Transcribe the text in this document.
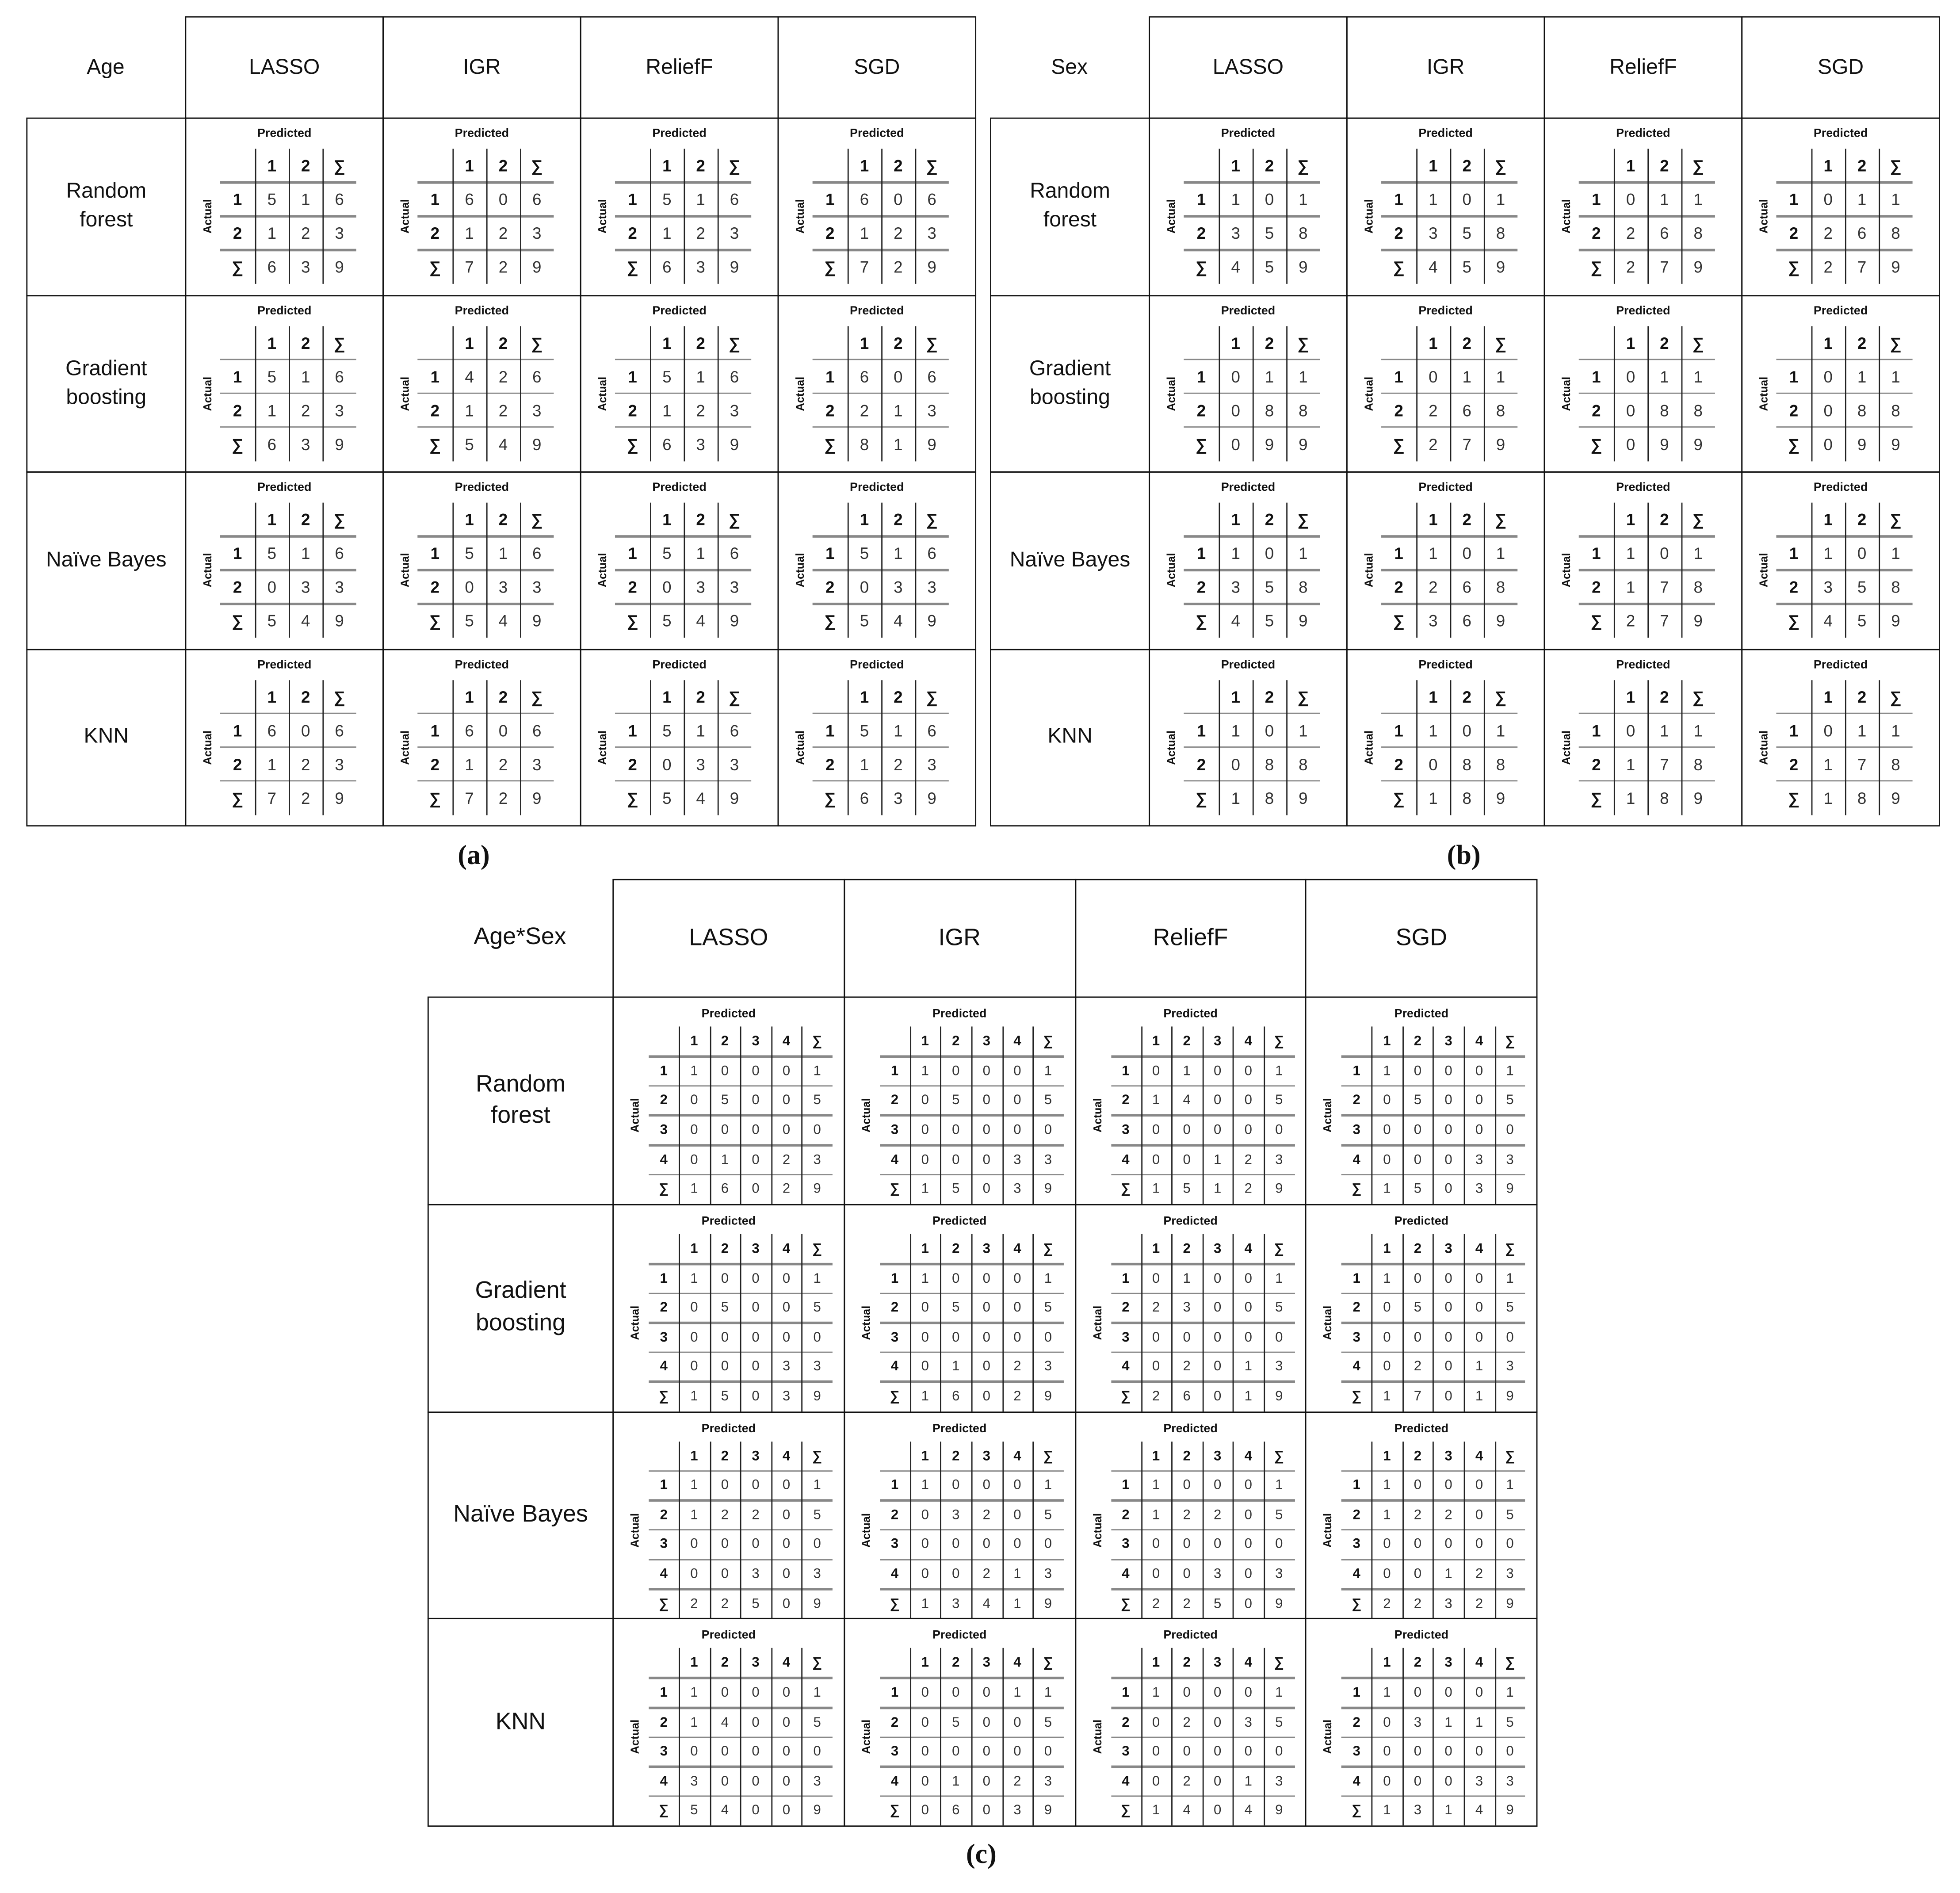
Age	LASSO	IGR	ReliefF	SGD
Random
forest
Predicted
Actual
1	2	∑
1	5	1	6
2	1	2	3
∑	6	3	9
Predicted
Actual
1	2	∑
1	6	0	6
2	1	2	3
∑	7	2	9
Predicted
Actual
1	2	∑
1	5	1	6
2	1	2	3
∑	6	3	9
Predicted
Actual
1	2	∑
1	6	0	6
2	1	2	3
∑	7	2	9
Gradient
boosting
Predicted
Actual
1	2	∑
1	5	1	6
2	1	2	3
∑	6	3	9
Predicted
Actual
1	2	∑
1	4	2	6
2	1	2	3
∑	5	4	9
Predicted
Actual
1	2	∑
1	5	1	6
2	1	2	3
∑	6	3	9
Predicted
Actual
1	2	∑
1	6	0	6
2	2	1	3
∑	8	1	9
Naïve Bayes
Predicted
Actual
1	2	∑
1	5	1	6
2	0	3	3
∑	5	4	9
Predicted
Actual
1	2	∑
1	5	1	6
2	0	3	3
∑	5	4	9
Predicted
Actual
1	2	∑
1	5	1	6
2	0	3	3
∑	5	4	9
Predicted
Actual
1	2	∑
1	5	1	6
2	0	3	3
∑	5	4	9
KNN
Predicted
Actual
1	2	∑
1	6	0	6
2	1	2	3
∑	7	2	9
Predicted
Actual
1	2	∑
1	6	0	6
2	1	2	3
∑	7	2	9
Predicted
Actual
1	2	∑
1	5	1	6
2	0	3	3
∑	5	4	9
Predicted
Actual
1	2	∑
1	5	1	6
2	1	2	3
∑	6	3	9
(a)
Sex	LASSO	IGR	ReliefF	SGD
Random
forest
Predicted
Actual
1	2	∑
1	1	0	1
2	3	5	8
∑	4	5	9
Predicted
Actual
1	2	∑
1	1	0	1
2	3	5	8
∑	4	5	9
Predicted
Actual
1	2	∑
1	0	1	1
2	2	6	8
∑	2	7	9
Predicted
Actual
1	2	∑
1	0	1	1
2	2	6	8
∑	2	7	9
Gradient
boosting
Predicted
Actual
1	2	∑
1	0	1	1
2	0	8	8
∑	0	9	9
Predicted
Actual
1	2	∑
1	0	1	1
2	2	6	8
∑	2	7	9
Predicted
Actual
1	2	∑
1	0	1	1
2	0	8	8
∑	0	9	9
Predicted
Actual
1	2	∑
1	0	1	1
2	0	8	8
∑	0	9	9
Naïve Bayes
Predicted
Actual
1	2	∑
1	1	0	1
2	3	5	8
∑	4	5	9
Predicted
Actual
1	2	∑
1	1	0	1
2	2	6	8
∑	3	6	9
Predicted
Actual
1	2	∑
1	1	0	1
2	1	7	8
∑	2	7	9
Predicted
Actual
1	2	∑
1	1	0	1
2	3	5	8
∑	4	5	9
KNN
Predicted
Actual
1	2	∑
1	1	0	1
2	0	8	8
∑	1	8	9
Predicted
Actual
1	2	∑
1	1	0	1
2	0	8	8
∑	1	8	9
Predicted
Actual
1	2	∑
1	0	1	1
2	1	7	8
∑	1	8	9
Predicted
Actual
1	2	∑
1	0	1	1
2	1	7	8
∑	1	8	9
(b)
Age*Sex	LASSO	IGR	ReliefF	SGD
Random
forest
Predicted
Actual
1	2	3	4	∑
1	1	0	0	0	1
2	0	5	0	0	5
3	0	0	0	0	0
4	0	1	0	2	3
∑	1	6	0	2	9
Predicted
Actual
1	2	3	4	∑
1	1	0	0	0	1
2	0	5	0	0	5
3	0	0	0	0	0
4	0	0	0	3	3
∑	1	5	0	3	9
Predicted
Actual
1	2	3	4	∑
1	0	1	0	0	1
2	1	4	0	0	5
3	0	0	0	0	0
4	0	0	1	2	3
∑	1	5	1	2	9
Predicted
Actual
1	2	3	4	∑
1	1	0	0	0	1
2	0	5	0	0	5
3	0	0	0	0	0
4	0	0	0	3	3
∑	1	5	0	3	9
Gradient
boosting
Predicted
Actual
1	2	3	4	∑
1	1	0	0	0	1
2	0	5	0	0	5
3	0	0	0	0	0
4	0	0	0	3	3
∑	1	5	0	3	9
Predicted
Actual
1	2	3	4	∑
1	1	0	0	0	1
2	0	5	0	0	5
3	0	0	0	0	0
4	0	1	0	2	3
∑	1	6	0	2	9
Predicted
Actual
1	2	3	4	∑
1	0	1	0	0	1
2	2	3	0	0	5
3	0	0	0	0	0
4	0	2	0	1	3
∑	2	6	0	1	9
Predicted
Actual
1	2	3	4	∑
1	1	0	0	0	1
2	0	5	0	0	5
3	0	0	0	0	0
4	0	2	0	1	3
∑	1	7	0	1	9
Naïve Bayes
Predicted
Actual
1	2	3	4	∑
1	1	0	0	0	1
2	1	2	2	0	5
3	0	0	0	0	0
4	0	0	3	0	3
∑	2	2	5	0	9
Predicted
Actual
1	2	3	4	∑
1	1	0	0	0	1
2	0	3	2	0	5
3	0	0	0	0	0
4	0	0	2	1	3
∑	1	3	4	1	9
Predicted
Actual
1	2	3	4	∑
1	1	0	0	0	1
2	1	2	2	0	5
3	0	0	0	0	0
4	0	0	3	0	3
∑	2	2	5	0	9
Predicted
Actual
1	2	3	4	∑
1	1	0	0	0	1
2	1	2	2	0	5
3	0	0	0	0	0
4	0	0	1	2	3
∑	2	2	3	2	9
KNN
Predicted
Actual
1	2	3	4	∑
1	1	0	0	0	1
2	1	4	0	0	5
3	0	0	0	0	0
4	3	0	0	0	3
∑	5	4	0	0	9
Predicted
Actual
1	2	3	4	∑
1	0	0	0	1	1
2	0	5	0	0	5
3	0	0	0	0	0
4	0	1	0	2	3
∑	0	6	0	3	9
Predicted
Actual
1	2	3	4	∑
1	1	0	0	0	1
2	0	2	0	3	5
3	0	0	0	0	0
4	0	2	0	1	3
∑	1	4	0	4	9
Predicted
Actual
1	2	3	4	∑
1	1	0	0	0	1
2	0	3	1	1	5
3	0	0	0	0	0
4	0	0	0	3	3
∑	1	3	1	4	9
(c)
